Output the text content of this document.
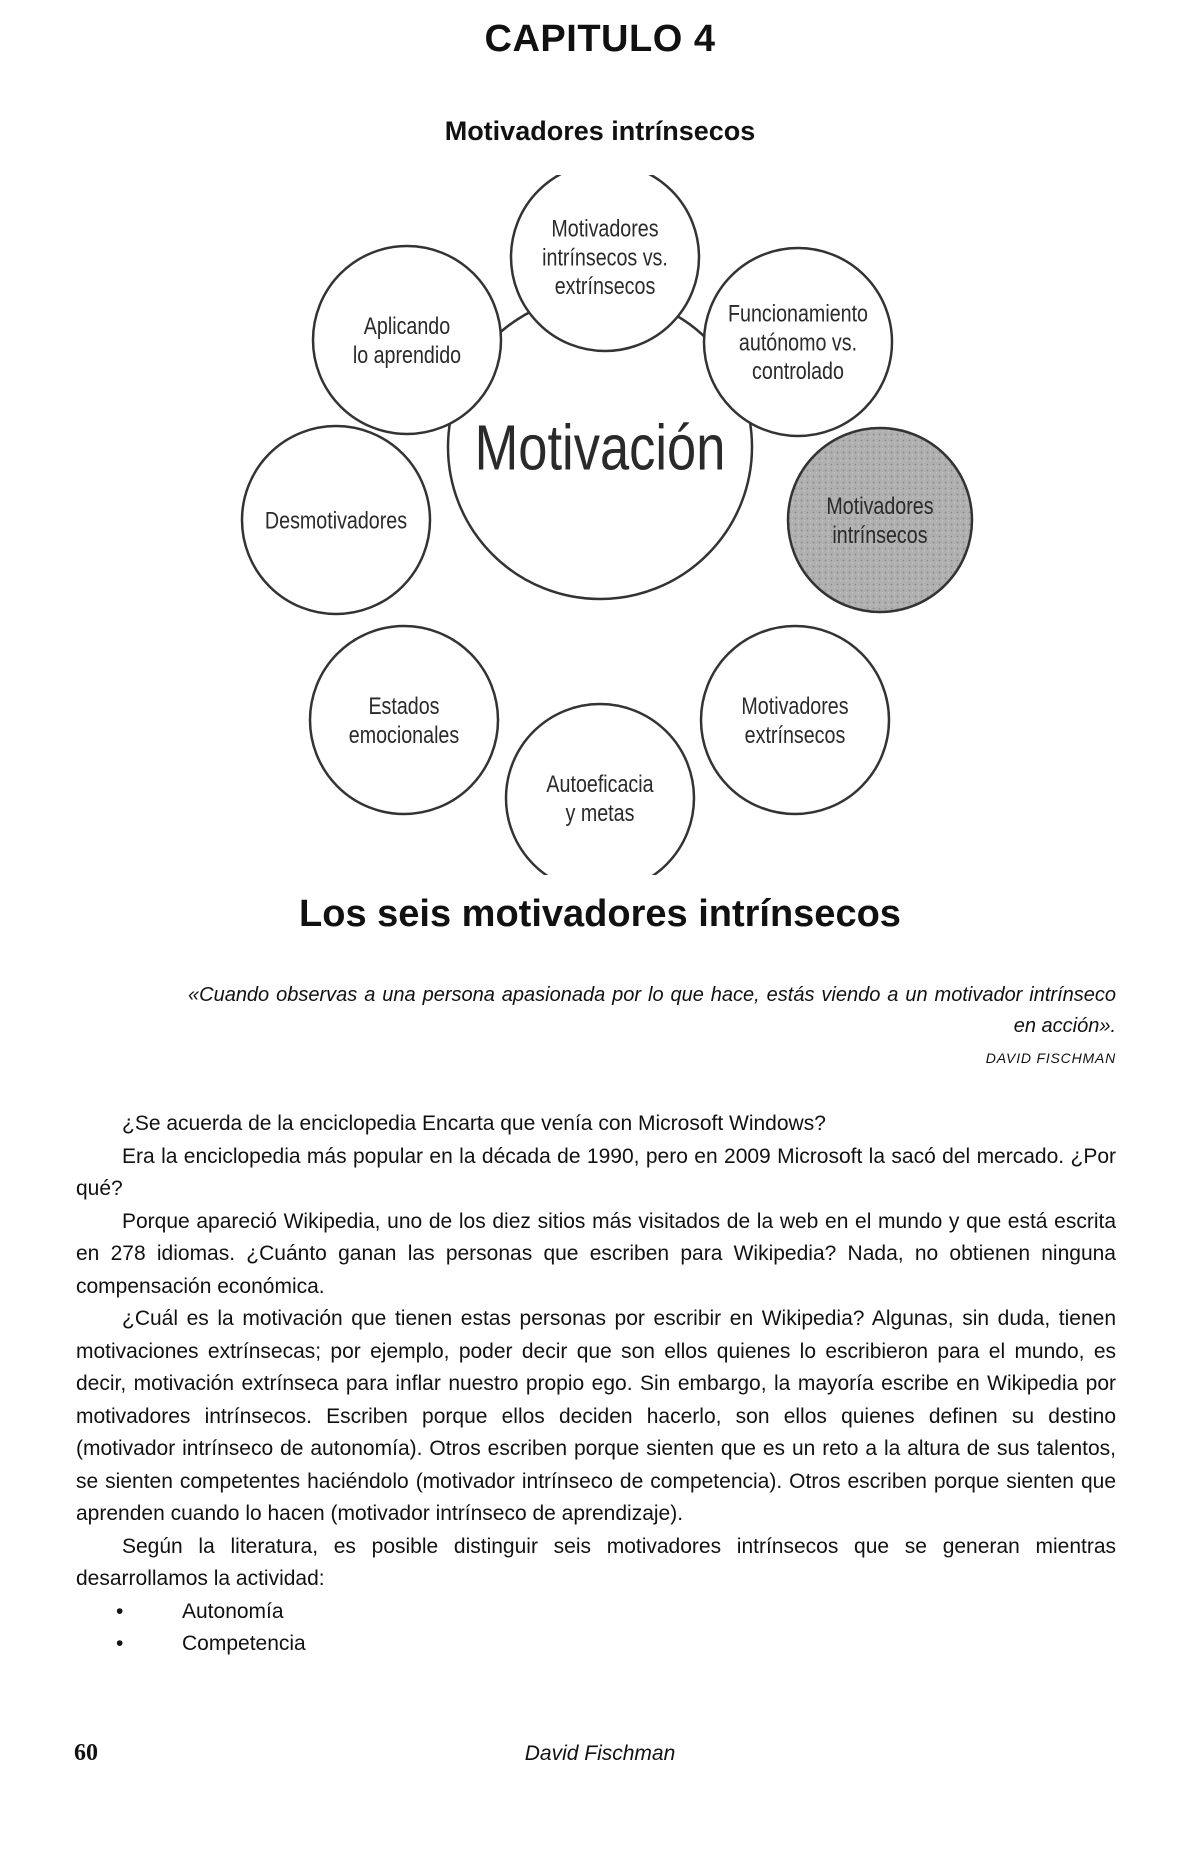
CAPITULO 4
Motivadores intrínsecos
Motivación
Motivadores
intrínsecos vs.
extrínsecos
Funcionamiento
autónomo vs.
controlado
Motivadores
intrínsecos
Motivadores
extrínsecos
Autoeficacia
y metas
Estados
emocionales
Desmotivadores
Aplicando
lo aprendido
Los seis motivadores intrínsecos
«Cuando observas a una persona apasionada por lo que hace, estás viendo a un motivador intrínseco en acción».
DAVID FISCHMAN

¿Se acuerda de la enciclopedia Encarta que venía con Microsoft Windows?

Era la enciclopedia más popular en la década de 1990, pero en 2009 Microsoft la sacó del mercado. ¿Por qué?

Porque apareció Wikipedia, uno de los diez sitios más visitados de la web en el mundo y que está escrita en 278 idiomas. ¿Cuánto ganan las personas que escriben para Wikipedia? Nada, no obtienen ninguna compensación económica.

¿Cuál es la motivación que tienen estas personas por escribir en Wikipedia? Algunas, sin duda, tienen motivaciones extrínsecas; por ejemplo, poder decir que son ellos quienes lo escribieron para el mundo, es decir, motivación extrínseca para inflar nuestro propio ego. Sin embargo, la mayoría escribe en Wikipedia por motivadores intrínsecos. Escriben porque ellos deciden hacerlo, son ellos quienes definen su destino (motivador intrínseco de autonomía). Otros escriben porque sienten que es un reto a la altura de sus talentos, se sienten competentes haciéndolo (motivador intrínseco de competencia). Otros escriben porque sienten que aprenden cuando lo hacen (motivador intrínseco de aprendizaje).

Según la literatura, es posible distinguir seis motivadores intrínsecos que se generan mientras desarrollamos la actividad:

•	Autonomía
•	Competencia
60	David Fischman
